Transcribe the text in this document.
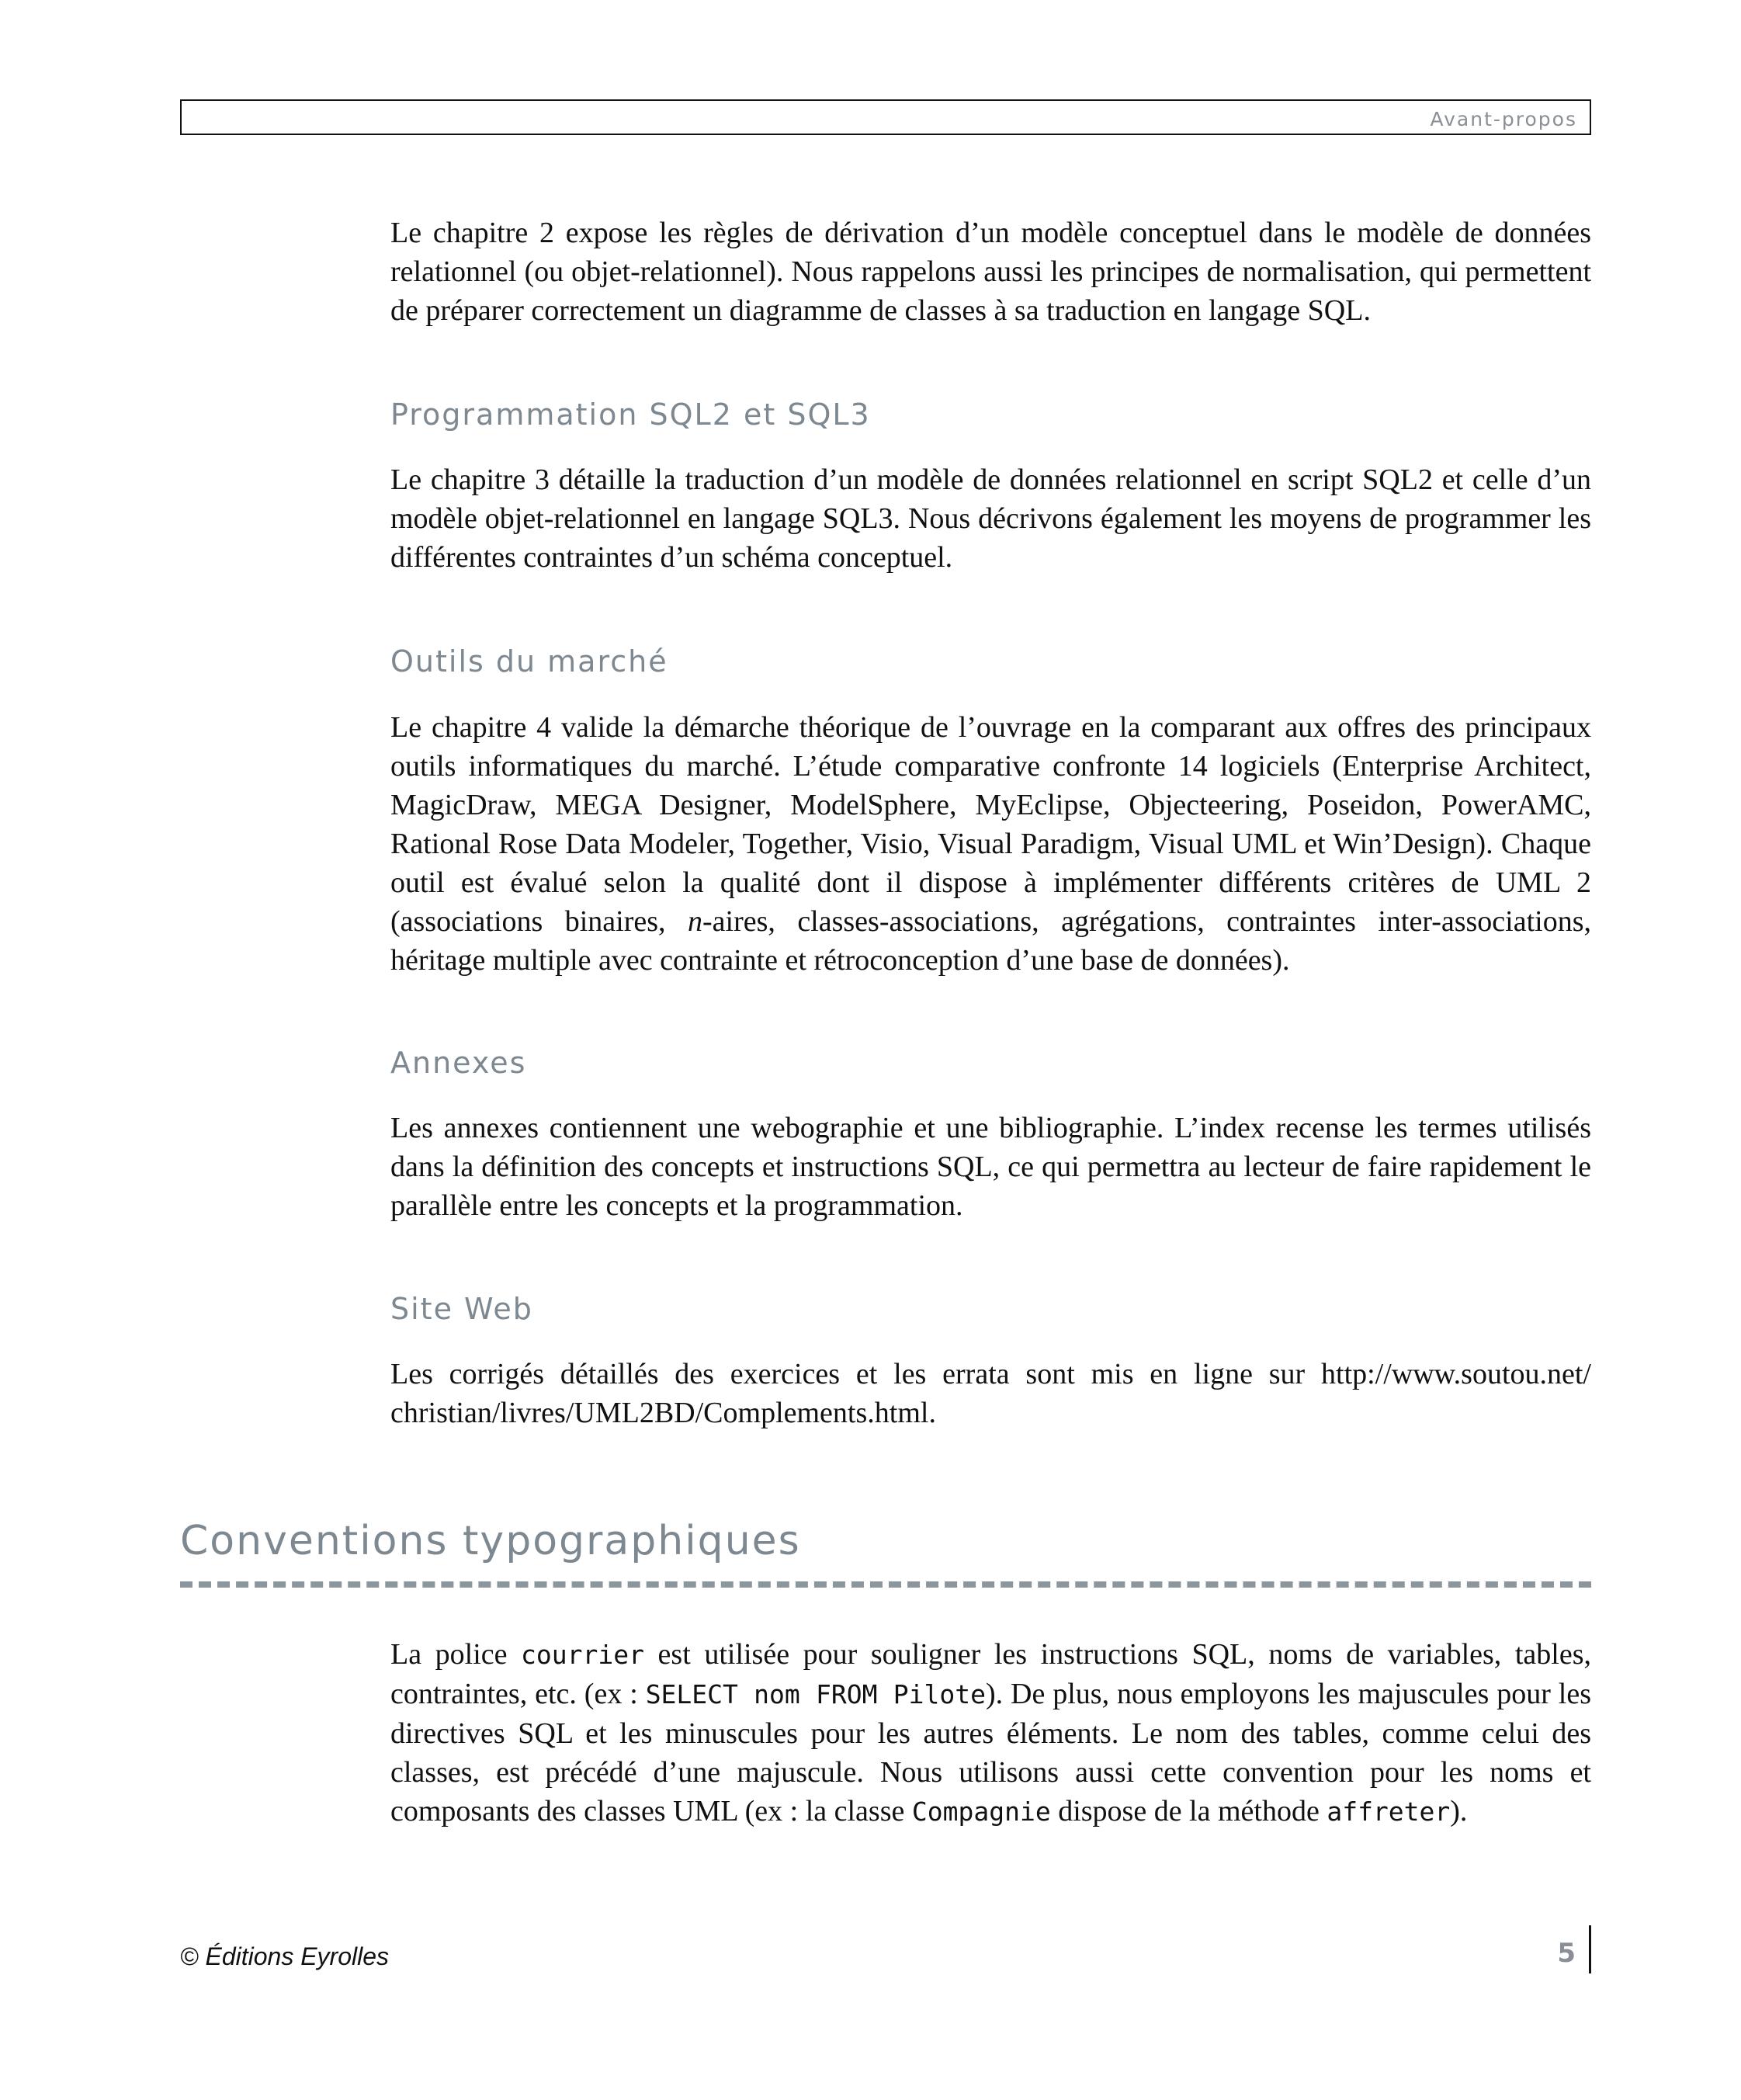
Avant-propos

Le chapitre 2 expose les règles de dérivation d’un modèle conceptuel dans le modèle de données relationnel (ou objet-relationnel). Nous rappelons aussi les principes de normalisation, qui permettent de préparer correctement un diagramme de classes à sa traduction en langage SQL.

Programmation SQL2 et SQL3

Le chapitre 3 détaille la traduction d’un modèle de données relationnel en script SQL2 et celle d’un modèle objet-relationnel en langage SQL3. Nous décrivons également les moyens de programmer les différentes contraintes d’un schéma conceptuel.

Outils du marché

Le chapitre 4 valide la démarche théorique de l’ouvrage en la comparant aux offres des principaux outils informatiques du marché. L’étude comparative confronte 14 logiciels (Enterprise Architect, MagicDraw, MEGA Designer, ModelSphere, MyEclipse, Objecteering, Poseidon, PowerAMC, Rational Rose Data Modeler, Together, Visio, Visual Paradigm, Visual UML et Win’Design). Chaque outil est évalué selon la qualité dont il dispose à implémenter différents critères de UML 2 (associations binaires, n-aires, classes-associations, agrégations, contraintes inter-associations, héritage multiple avec contrainte et rétroconception d’une base de données).

Annexes

Les annexes contiennent une webographie et une bibliographie. L’index recense les termes utilisés dans la définition des concepts et instructions SQL, ce qui permettra au lecteur de faire rapidement le parallèle entre les concepts et la programmation.

Site Web

Les corrigés détaillés des exercices et les errata sont mis en ligne sur http://www.soutou.net/ christian/livres/UML2BD/Complements.html.

Conventions typographiques

La police courrier est utilisée pour souligner les instructions SQL, noms de variables, tables, contraintes, etc. (ex : SELECT nom FROM Pilote). De plus, nous employons les majuscules pour les directives SQL et les minuscules pour les autres éléments. Le nom des tables, comme celui des classes, est précédé d’une majuscule. Nous utilisons aussi cette convention pour les noms et composants des classes UML (ex : la classe Compagnie dispose de la méthode affreter).

© Éditions Eyrolles	5
